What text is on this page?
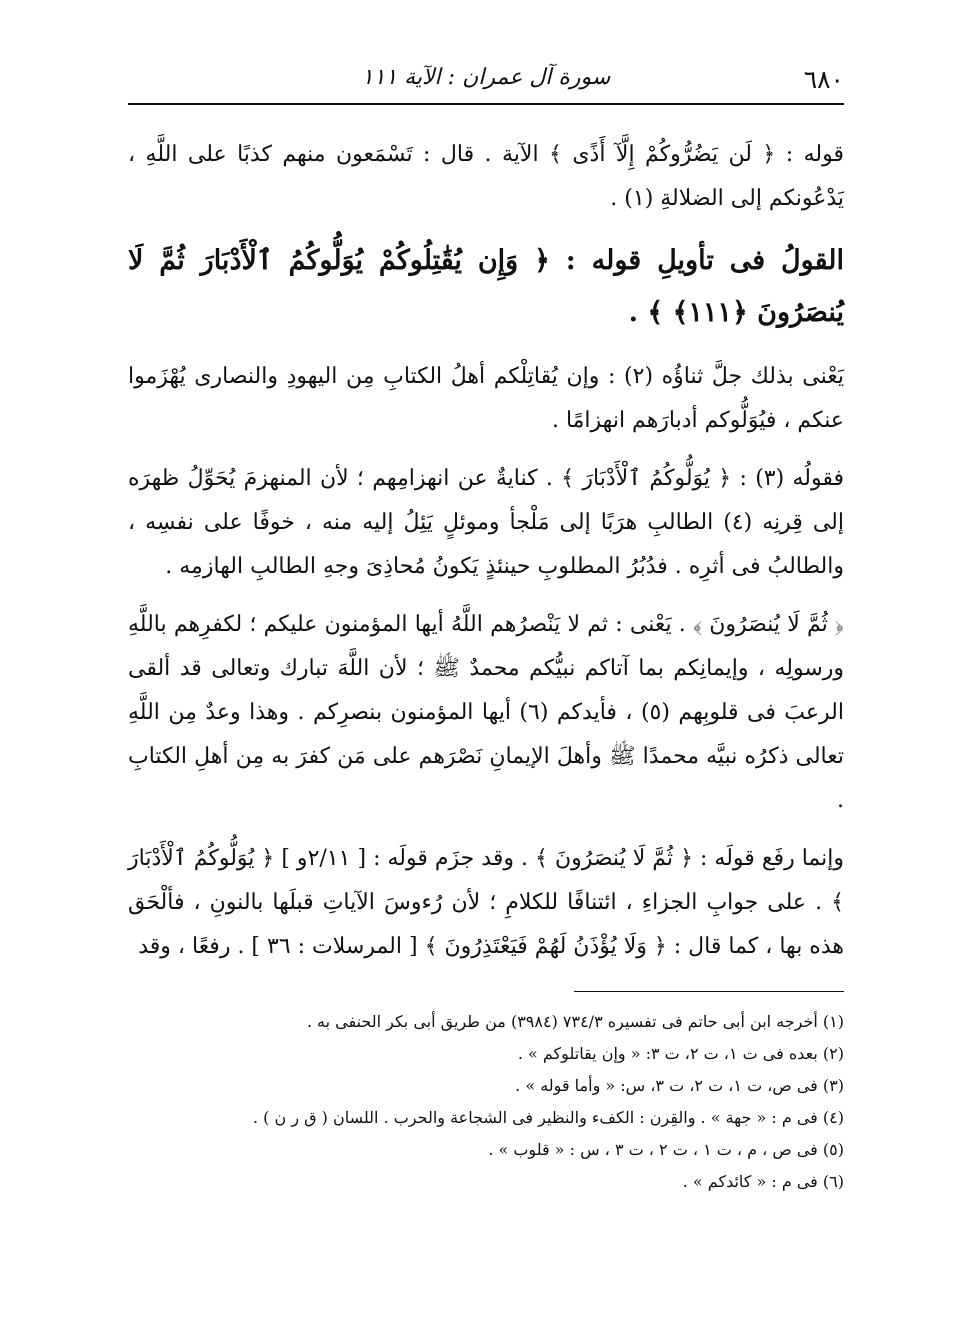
٦٨٠
سورة آل عمران : الآية ١١١

قوله : ﴿ لَن يَضُرُّوكُمْ إِلَّآ أَذًى ﴾ الآية . قال : تَسْمَعون منهم كذبًا على اللَّهِ ، يَدْعُونكم إلى الضلالةِ (١) .

القولُ فى تأويلِ قوله : ﴿ وَإِن يُقَٰتِلُوكُمْ يُوَلُّوكُمُ ٱلْأَدْبَارَ ثُمَّ لَا يُنصَرُونَ ﴿١١١﴾ ﴾ .

يَعْنى بذلك جلَّ ثناؤُه (٢) : وإن يُقاتِلْكم أهلُ الكتابِ مِن اليهودِ والنصارى يُهْزَموا عنكم ، فيُوَلُّوكم أدبارَهم انهزامًا .

فقولُه (٣) : ﴿ يُوَلُّوكُمُ ٱلْأَدْبَارَ ﴾ . كنايةٌ عن انهزامِهم ؛ لأن المنهزمَ يُحَوِّلُ ظهرَه إلى قِرنِه (٤) الطالبِ هرَبًا إلى مَلْجأ وموئلٍ يَئِلُ إليه منه ، خوفًا على نفسِه ، والطالبُ فى أثرِه . فدُبُرُ المطلوبِ حينئذٍ يَكونُ مُحاذِىَ وجهِ الطالبِ الهازمِه .

﴿ ثُمَّ لَا يُنصَرُونَ ﴾ . يَعْنى : ثم لا يَنْصرُهم اللَّهُ أيها المؤمنون عليكم ؛ لكفرِهم باللَّهِ ورسولِه ، وإيمانِكم بما آتاكم نبيُّكم محمدٌ ﷺ ؛ لأن اللَّهَ تبارك وتعالى قد ألقى الرعبَ فى قلوبِهم (٥) ، فأيدكم (٦) أيها المؤمنون بنصرِكم . وهذا وعدٌ مِن اللَّهِ تعالى ذكرُه نبيَّه محمدًا ﷺ وأهلَ الإيمانِ نَصْرَهم على مَن كفرَ به مِن أهلِ الكتابِ .

وإنما رفَع قولَه : ﴿ ثُمَّ لَا يُنصَرُونَ ﴾ . وقد جزَم قولَه : [ ٢/١١و ] ﴿ يُوَلُّوكُمُ ٱلْأَدْبَارَ ﴾ . على جوابِ الجزاءِ ، ائتنافًا للكلامِ ؛ لأن رُءوسَ الآياتِ قبلَها بالنونِ ، فألْحَق هذه بها ، كما قال : ﴿ وَلَا يُؤْذَنُ لَهُمْ فَيَعْتَذِرُونَ ﴾ [ المرسلات : ٣٦ ] . رفعًا ، وقد

(١) أخرجه ابن أبى حاتم فى تفسيره ٧٣٤/٣ (٣٩٨٤) من طريق أبى بكر الحنفى به .
(٢) بعده فى ت ١، ت ٢، ت ٣: « وإن يقاتلوكم » .
(٣) فى ص، ت ١، ت ٢، ت ٣، س: « وأما قوله » .
(٤) فى م : « جهة » . والقِرن : الكفء والنظير فى الشجاعة والحرب . اللسان ( ق ر ن ) .
(٥) فى ص ، م ، ت ١ ، ت ٢ ، ت ٣ ، س : « قلوب » .
(٦) فى م : « كائدكم » .
